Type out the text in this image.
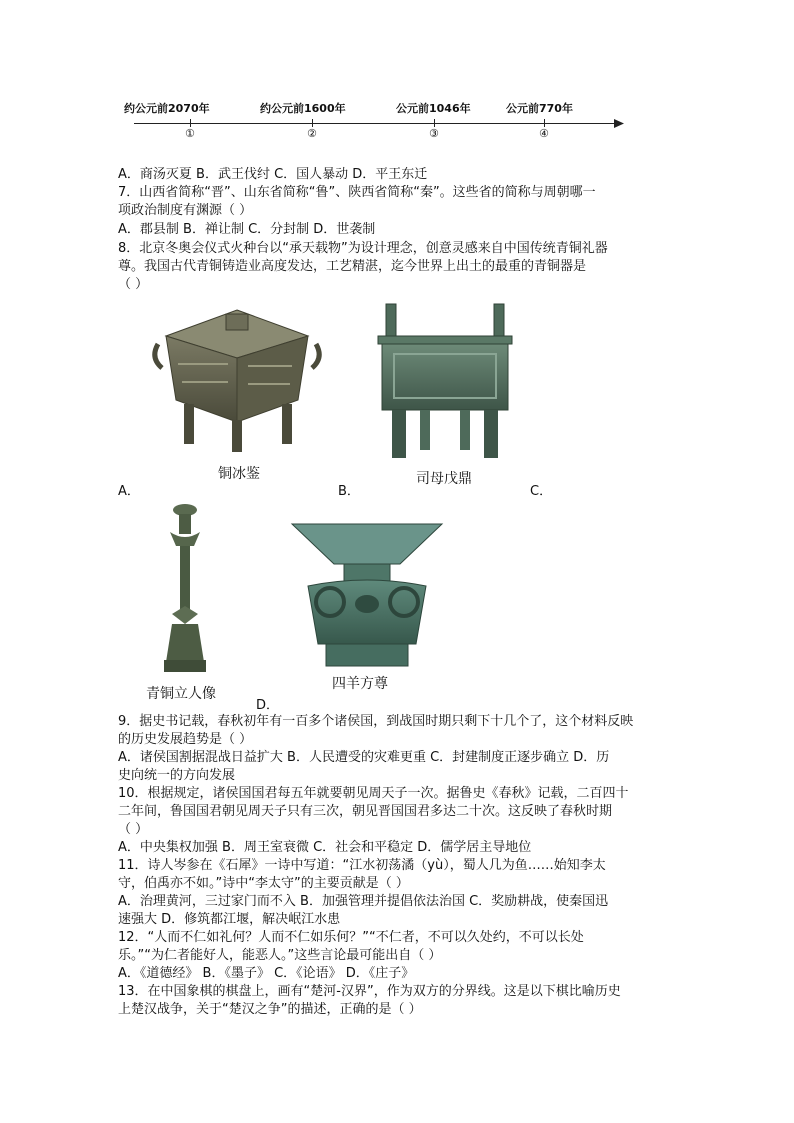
约公元前2070年	约公元前1600年	公元前1046年	公元前770年
①	②	③	④
A．商汤灭夏 B．武王伐纣 C．国人暴动 D．平王东迁
7．山西省简称“晋”、山东省简称“鲁”、陕西省简称“秦”。这些省的简称与周朝哪一
项政治制度有渊源（ ）
A．郡县制 B．禅让制 C．分封制 D．世袭制
8．北京冬奥会仪式火种台以“承天载物”为设计理念，创意灵感来自中国传统青铜礼器
尊。我国古代青铜铸造业高度发达，工艺精湛，迄今世界上出土的最重的青铜器是
（ ）
铜冰鉴
A．
司母戊鼎
B．	C．
青铜立人像
四羊方尊
D．
9．据史书记载，春秋初年有一百多个诸侯国，到战国时期只剩下十几个了，这个材料反映
的历史发展趋势是（ ）
A．诸侯国割据混战日益扩大 B．人民遭受的灾难更重 C．封建制度正逐步确立 D．历
史向统一的方向发展
10．根据规定，诸侯国国君每五年就要朝见周天子一次。据鲁史《春秋》记载，二百四十
二年间，鲁国国君朝见周天子只有三次，朝见晋国国君多达二十次。这反映了春秋时期
（ ）
A．中央集权加强 B．周王室衰微 C．社会和平稳定 D．儒学居主导地位
11．诗人岑参在《石犀》一诗中写道：“江水初荡潏（yù），蜀人几为鱼……始知李太
守，伯禹亦不如。”诗中“李太守”的主要贡献是（ ）
A．治理黄河，三过家门而不入 B．加强管理并提倡依法治国 C．奖励耕战，使秦国迅
速强大 D．修筑都江堰，解决岷江水患
12．“人而不仁如礼何？人而不仁如乐何？”“不仁者，不可以久处约，不可以长处
乐。”“为仁者能好人，能恶人。”这些言论最可能出自（ ）
A．《道德经》 B．《墨子》 C．《论语》 D．《庄子》
13．在中国象棋的棋盘上，画有“楚河-汉界”，作为双方的分界线。这是以下棋比喻历史
上楚汉战争，关于“楚汉之争”的描述，正确的是（ ）
